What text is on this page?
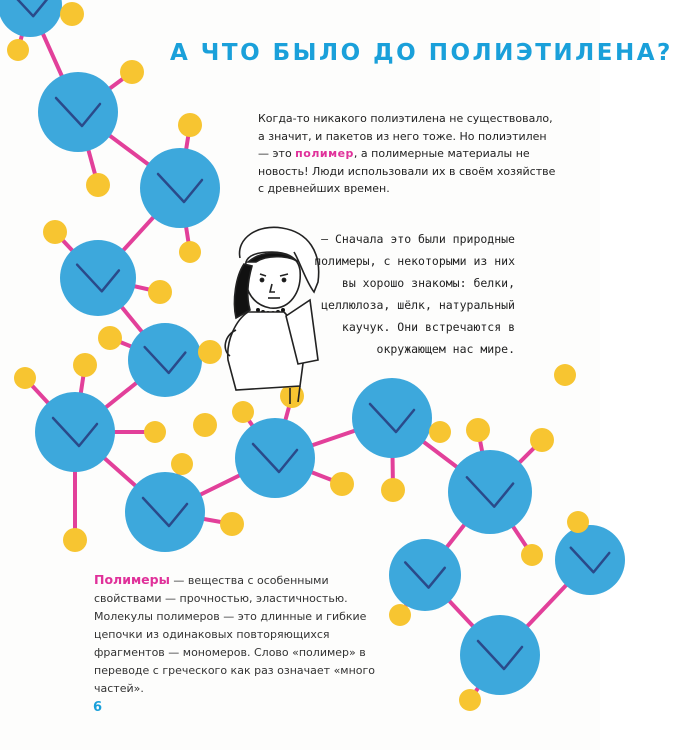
А ЧТО БЫЛО ДО ПОЛИЭТИЛЕНА?
Когда-то никакого полиэтилена не существовало, а значит, и пакетов из него тоже. Но полиэтилен — это полимер, а полимерные материалы не новость! Люди использовали их в своём хозяйстве с древнейших времен.
– Сначала это были природные полимеры, с некоторыми из них вы хорошо знакомы: белки, целлюлоза, шёлк, натуральный каучук. Они встречаются в окружающем нас мире.
Полимеры — вещества с особенными свойствами — прочностью, эластичностью. Молекулы полимеров — это длинные и гибкие цепочки из одинаковых повторяющихся фрагментов — мономеров. Слово «полимер» в переводе с греческого как раз означает «много частей».
6
